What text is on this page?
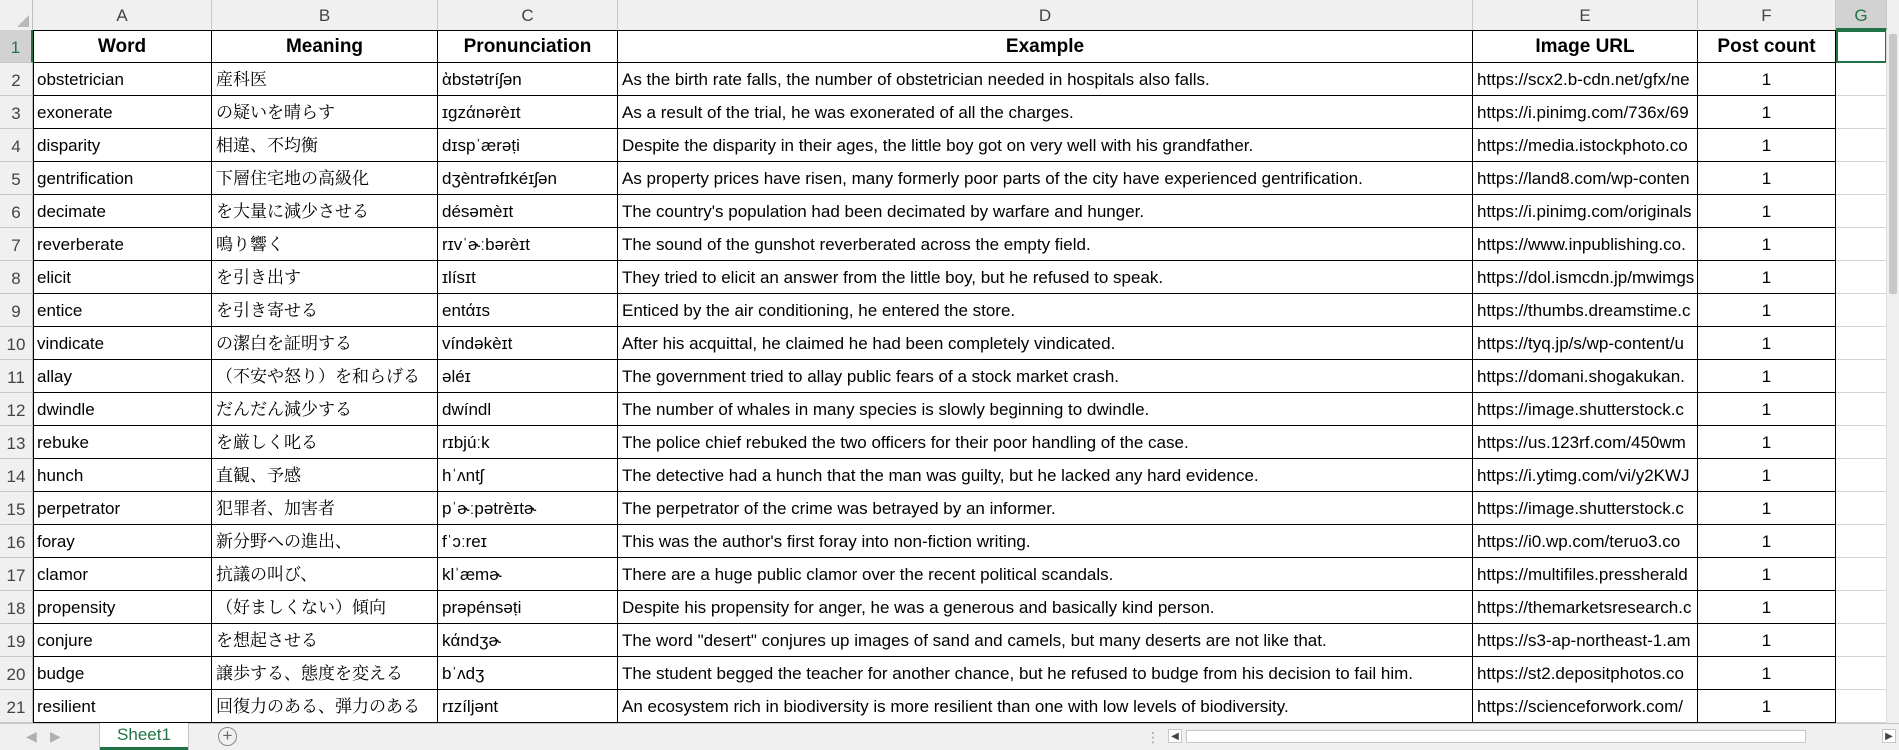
A	B	C	D	E	F	G
1
2
3
4
5
6
7
8
9
10
11
12
13
14
15
16
17
18
19
20
21
Word	Meaning	Pronunciation	Example	Image URL	Post count
obstetrician	産科医	ὰbstətríʃən	As the birth rate falls, the number of obstetrician needed in hospitals also falls.	https://scx2.b-cdn.net/gfx/ne	1
exonerate	の疑いを晴らす	ɪgzάnərèɪt	As a result of the trial, he was exonerated of all the charges.	https://i.pinimg.com/736x/69	1
disparity	相違、不均衡	dɪspˈærəṭi	Despite the disparity in their ages, the little boy got on very well with his grandfather.	https://media.istockphoto.co	1
gentrification	下層住宅地の高級化	dʒèntrəfɪkéɪʃən	As property prices have risen, many formerly poor parts of the city have experienced gentrification.	https://land8.com/wp-conten	1
decimate	を大量に減少させる	désəmèɪt	The country's population had been decimated by warfare and hunger.	https://i.pinimg.com/originals	1
reverberate	鳴り響く	rɪvˈɚːbərèɪt	The sound of the gunshot reverberated across the empty field.	https://www.inpublishing.co.	1
elicit	を引き出す	ɪlísɪt	They tried to elicit an answer from the little boy, but he refused to speak.	https://dol.ismcdn.jp/mwimgs	1
entice	を引き寄せる	entάɪs	Enticed by the air conditioning, he entered the store.	https://thumbs.dreamstime.c	1
vindicate	の潔白を証明する	víndəkèɪt	After his acquittal, he claimed he had been completely vindicated.	https://tyq.jp/s/wp-content/u	1
allay	（不安や怒り）を和らげる	əléɪ	The government tried to allay public fears of a stock market crash.	https://domani.shogakukan.	1
dwindle	だんだん減少する	dwíndl	The number of whales in many species is slowly beginning to dwindle.	https://image.shutterstock.c	1
rebuke	を厳しく叱る	rɪbjúːk	The police chief rebuked the two officers for their poor handling of the case.	https://us.123rf.com/450wm	1
hunch	直観、予感	hˈʌntʃ	The detective had a hunch that the man was guilty, but he lacked any hard evidence.	https://i.ytimg.com/vi/y2KWJ	1
perpetrator	犯罪者、加害者	pˈɚːpətrèɪtɚ	The perpetrator of the crime was betrayed by an informer.	https://image.shutterstock.c	1
foray	新分野への進出、	fˈɔːreɪ	This was the author's first foray into non-fiction writing.	https://i0.wp.com/teruo3.co	1
clamor	抗議の叫び、	klˈæmɚ	There are a huge public clamor over the recent political scandals.	https://multifiles.pressherald	1
propensity	（好ましくない）傾向	prəpénsəṭi	Despite his propensity for anger, he was a generous and basically kind person.	https://themarketsresearch.c	1
conjure	を想起させる	kάndʒɚ	The word "desert" conjures up images of sand and camels, but many deserts are not like that.	https://s3-ap-northeast-1.am	1
budge	譲歩する、態度を変える	bˈʌdʒ	The student begged the teacher for another chance, but he refused to budge from his decision to fail him.	https://st2.depositphotos.co	1
resilient	回復力のある、弾力のある	rɪzíljənt	An ecosystem rich in biodiversity is more resilient than one with low levels of biodiversity.	https://scienceforwork.com/	1
◀ ▶	Sheet1	+	⋮	◀	▶
